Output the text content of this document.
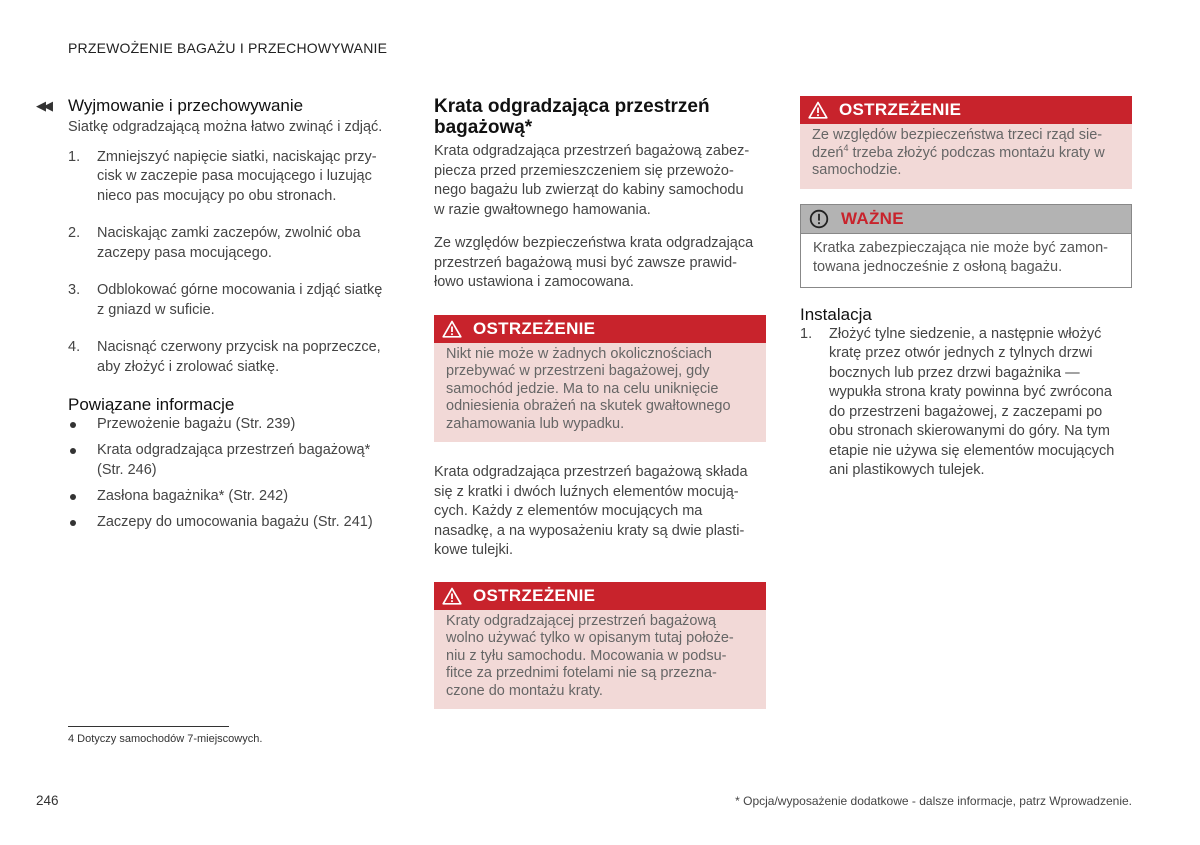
PRZEWOŻENIE BAGAŻU I PRZECHOWYWANIE
◀◀ Wyjmowanie i przechowywanie

Siatkę odgradzającą można łatwo zwinąć i zdjąć.

1. Zmniejszyć napięcie siatki, naciskając przy-
cisk w zaczepie pasa mocującego i luzując
nieco pas mocujący po obu stronach.
2. Naciskając zamki zaczepów, zwolnić oba
zaczepy pasa mocującego.
3. Odblokować górne mocowania i zdjąć siatkę
z gniazd w suficie.
4. Nacisnąć czerwony przycisk na poprzeczce,
aby złożyć i zrolować siatkę.
Powiązane informacje
Przewożenie bagażu (Str. 239)
Krata odgradzająca przestrzeń bagażową*
(Str. 246)
Zasłona bagażnika* (Str. 242)
Zaczepy do umocowania bagażu (Str. 241)
Krata odgradzająca przestrzeń
bagażową*

Krata odgradzająca przestrzeń bagażową zabez-
piecza przed przemieszczeniem się przewożo-
nego bagażu lub zwierząt do kabiny samochodu
w razie gwałtownego hamowania.

Ze względów bezpieczeństwa krata odgradzająca
przestrzeń bagażową musi być zawsze prawid-
łowo ustawiona i zamocowana.

OSTRZEŻENIE
Nikt nie może w żadnych okolicznościach
przebywać w przestrzeni bagażowej, gdy
samochód jedzie. Ma to na celu uniknięcie
odniesienia obrażeń na skutek gwałtownego
zahamowania lub wypadku.

Krata odgradzająca przestrzeń bagażową składa
się z kratki i dwóch luźnych elementów mocują-
cych. Każdy z elementów mocujących ma
nasadkę, a na wyposażeniu kraty są dwie plasti-
kowe tulejki.

OSTRZEŻENIE
Kraty odgradzającej przestrzeń bagażową
wolno używać tylko w opisanym tutaj położe-
niu z tyłu samochodu. Mocowania w podsu-
fitce za przednimi fotelami nie są przezna-
czone do montażu kraty.
OSTRZEŻENIE
Ze względów bezpieczeństwa trzeci rząd sie-
dzeń$^4$ trzeba złożyć podczas montażu kraty w
samochodzie.
WAŻNE
Kratka zabezpieczająca nie może być zamon-
towana jednocześnie z osłoną bagażu.
Instalacja
1. Złożyć tylne siedzenie, a następnie włożyć
kratę przez otwór jednych z tylnych drzwi
bocznych lub przez drzwi bagażnika —
wypukła strona kraty powinna być zwrócona
do przestrzeni bagażowej, z zaczepami po
obu stronach skierowanymi do góry. Na tym
etapie nie używa się elementów mocujących
ani plastikowych tulejek.
4 Dotyczy samochodów 7-miejscowych.
246	* Opcja/wyposażenie dodatkowe - dalsze informacje, patrz Wprowadzenie.
